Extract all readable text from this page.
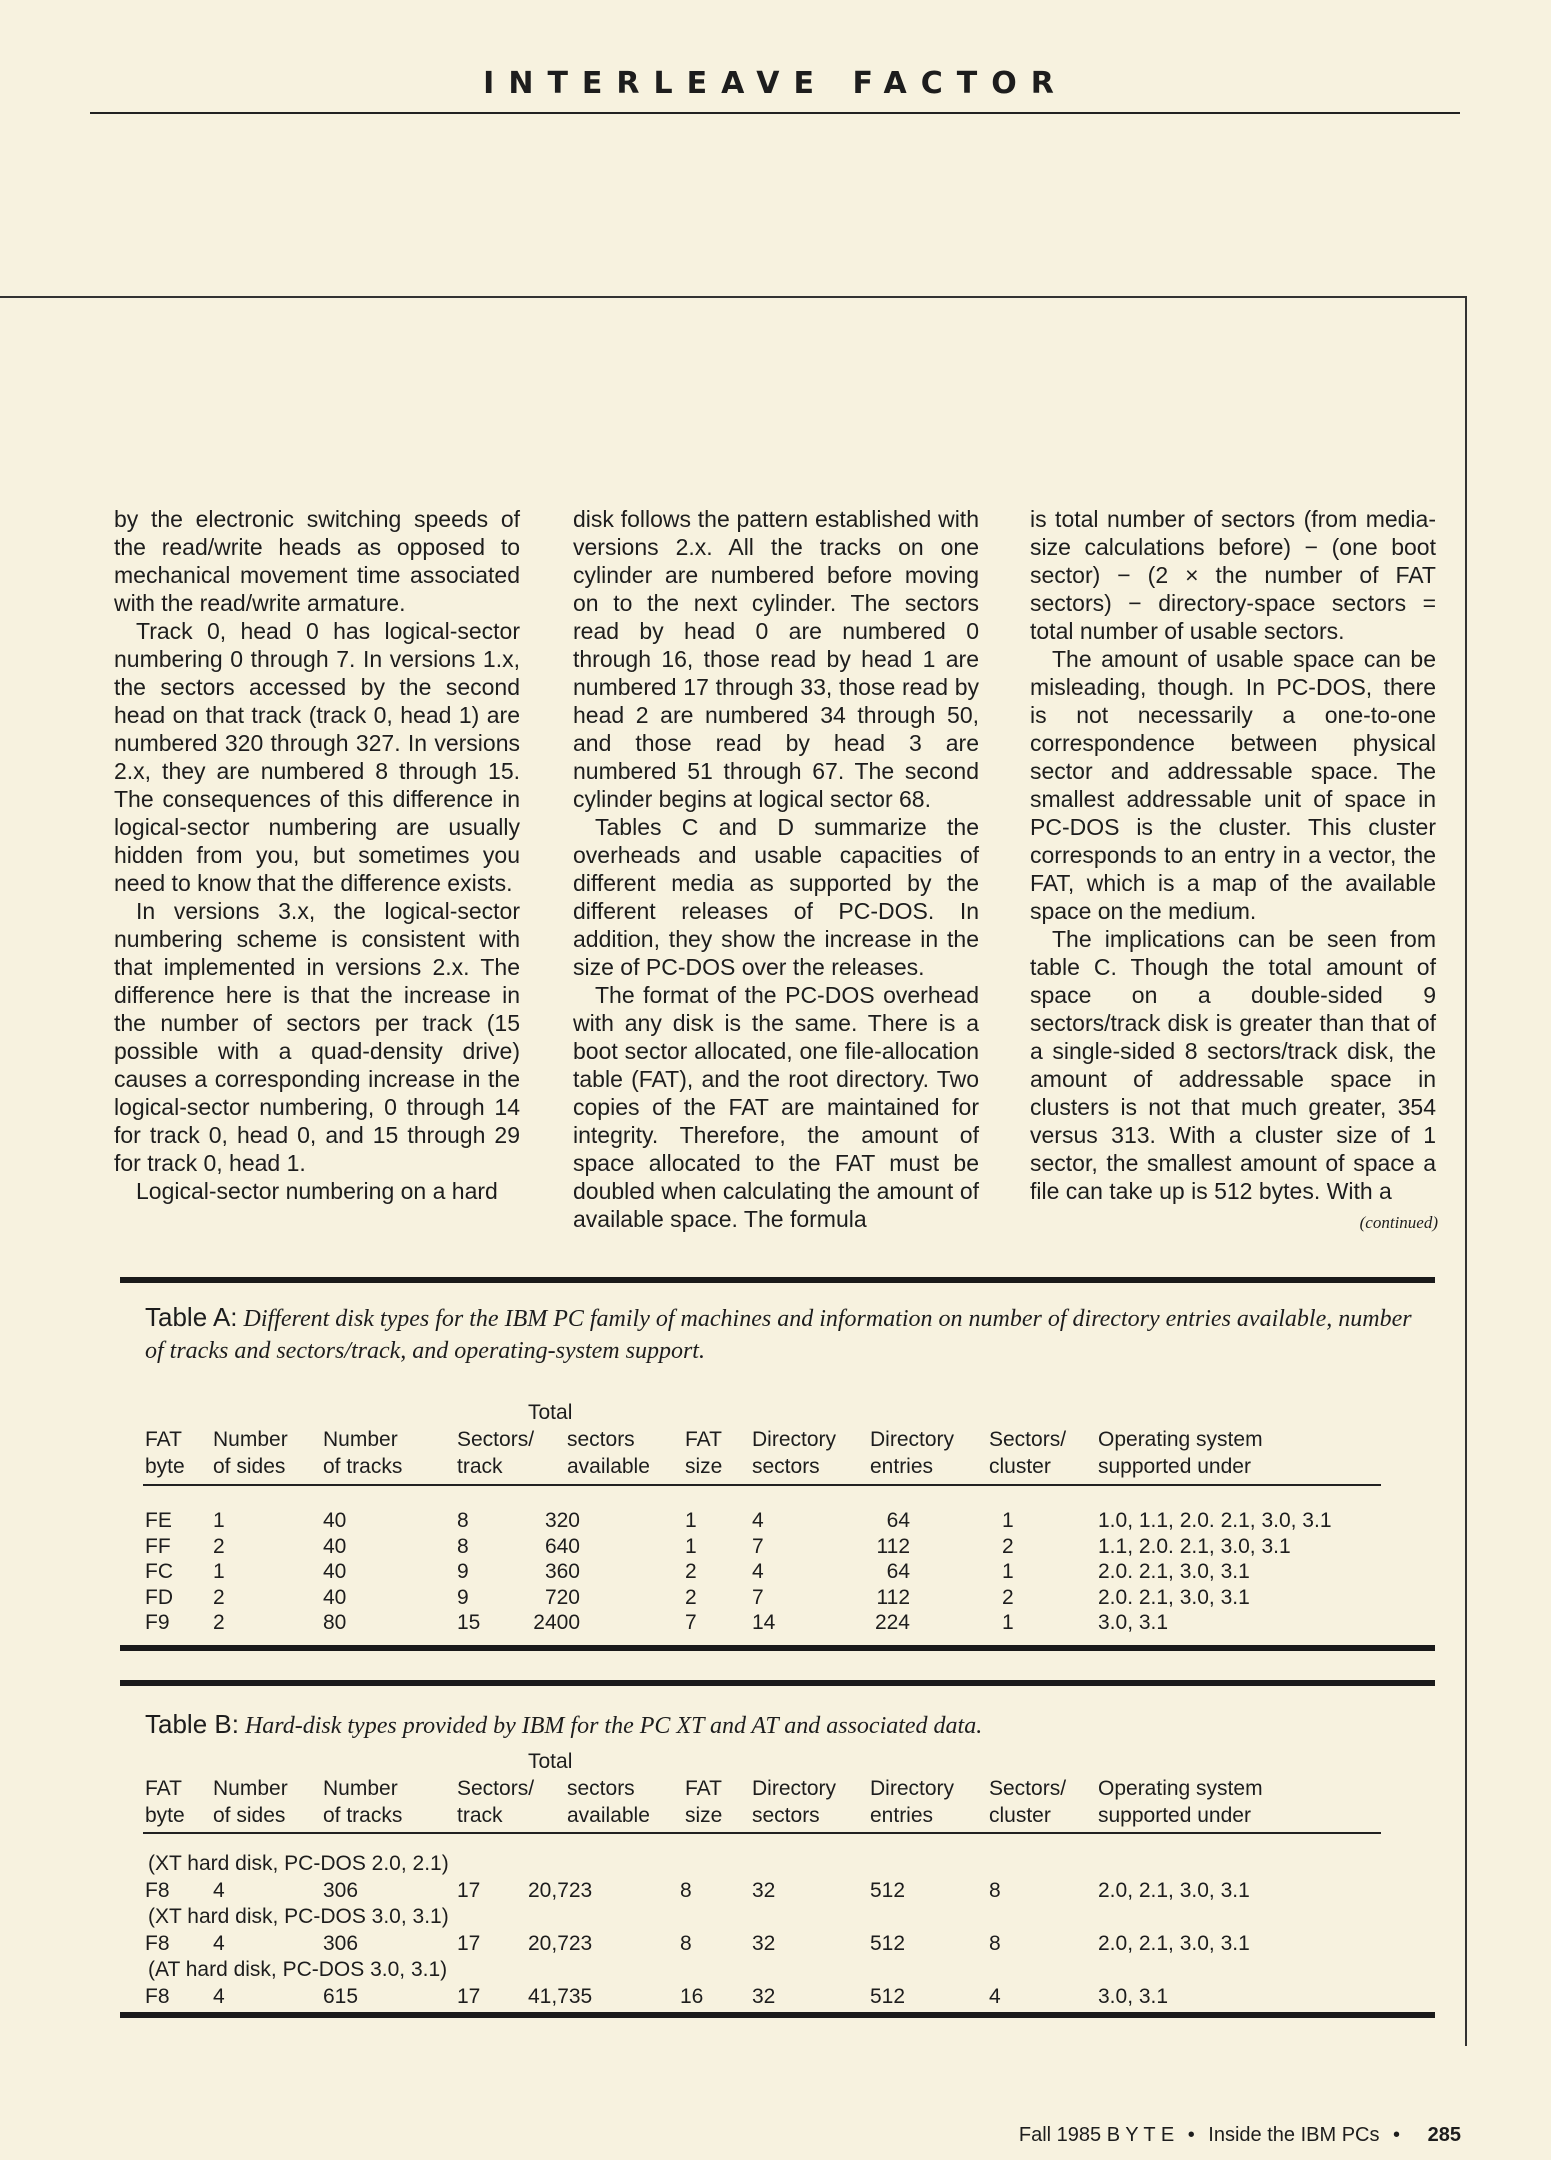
INTERLEAVE FACTOR

by the electronic switching speeds of the read/write heads as opposed to mechanical movement time associated with the read/write armature.

Track 0, head 0 has logical-sector numbering 0 through 7. In versions 1.x, the sectors accessed by the second head on that track (track 0, head 1) are numbered 320 through 327. In versions 2.x, they are numbered 8 through 15. The consequences of this difference in logical-sector numbering are usually hidden from you, but sometimes you need to know that the difference exists.

In versions 3.x, the logical-sector numbering scheme is consistent with that implemented in versions 2.x. The difference here is that the increase in the number of sectors per track (15 possible with a quad-density drive) causes a corresponding increase in the logical-sector numbering, 0 through 14 for track 0, head 0, and 15 through 29 for track 0, head 1.

Logical-sector numbering on a hard

disk follows the pattern established with versions 2.x. All the tracks on one cylinder are numbered before moving on to the next cylinder. The sectors read by head 0 are numbered 0 through 16, those read by head 1 are numbered 17 through 33, those read by head 2 are numbered 34 through 50, and those read by head 3 are numbered 51 through 67. The second cylinder begins at logical sector 68.

Tables C and D summarize the overheads and usable capacities of different media as supported by the different releases of PC-DOS. In addition, they show the increase in the size of PC-DOS over the releases.

The format of the PC-DOS overhead with any disk is the same. There is a boot sector allocated, one file-allocation table (FAT), and the root directory. Two copies of the FAT are maintained for integrity. Therefore, the amount of space allocated to the FAT must be doubled when calculating the amount of available space. The formula

is total number of sectors (from media-size calculations before) − (one boot sector) − (2 × the number of FAT sectors) − directory-space sectors = total number of usable sectors.

The amount of usable space can be misleading, though. In PC-DOS, there is not necessarily a one-to-one correspondence between physical sector and addressable space. The smallest addressable unit of space in PC-DOS is the cluster. This cluster corresponds to an entry in a vector, the FAT, which is a map of the available space on the medium.

The implications can be seen from table C. Though the total amount of space on a double-sided 9 sectors/track disk is greater than that of a single-sided 8 sectors/track disk, the amount of addressable space in clusters is not that much greater, 354 versus 313. With a cluster size of 1 sector, the smallest amount of space a file can take up is 512 bytes. With a

(continued)
Table A: Different disk types for the IBM PC family of machines and information on number of directory entries available, number of tracks and sectors/track, and operating-system support.
Total
FAT Number Number	Sectors/ sectors FAT Directory Directory Sectors/ Operating system
byte of sides of tracks	track	available size sectors entries	cluster supported under
FE 1	40	8	320	1	4	64	1	1.0, 1.1, 2.0. 2.1, 3.0, 3.1
FF 2	40	8	640	1	7	112	2	1.1, 2.0. 2.1, 3.0, 3.1
FC 1	40	9	360	2	4	64	1	2.0. 2.1, 3.0, 3.1
FD 2	40	9	720	2	7	112	2	2.0. 2.1, 3.0, 3.1
F9 2	80	15	2400	7	14	224	1	3.0, 3.1
Table B: Hard-disk types provided by IBM for the PC XT and AT and associated data.
Total
FAT Number Number	Sectors/ sectors FAT Directory Directory Sectors/ Operating system
byte of sides of tracks	track	available size sectors entries	cluster supported under
(XT hard disk, PC-DOS 2.0, 2.1)
F8 4	306	17 20,723	8	32	512	8	2.0, 2.1, 3.0, 3.1
(XT hard disk, PC-DOS 3.0, 3.1)
F8 4	306	17 20,723	8	32	512	8	2.0, 2.1, 3.0, 3.1
(AT hard disk, PC-DOS 3.0, 3.1)
F8 4	615	17 41,735	16 32	512	4	3.0, 3.1
Fall 1985 B Y T E • Inside the IBM PCs • 285
